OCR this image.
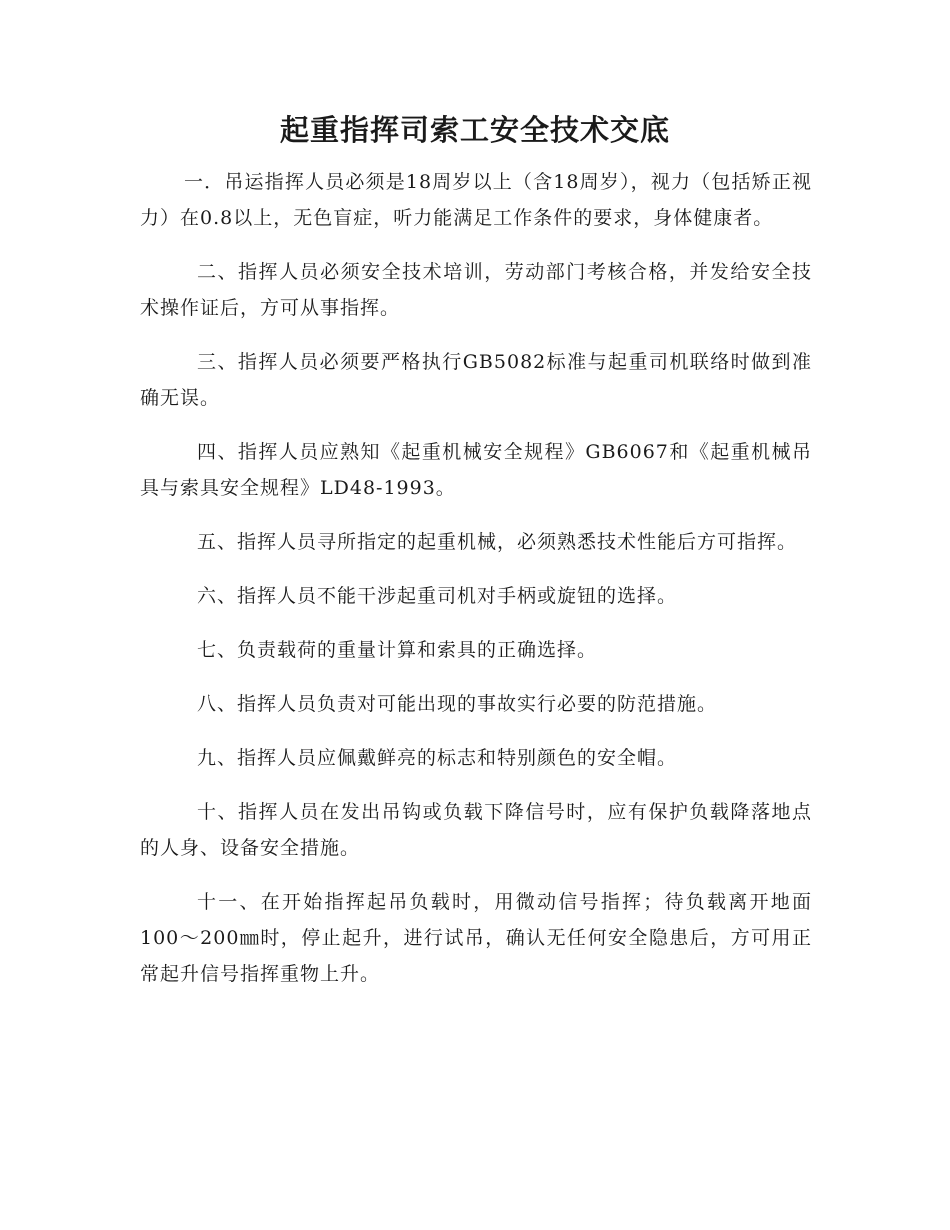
起重指挥司索工安全技术交底

一．吊运指挥人员必须是18周岁以上（含18周岁），视力（包括矫正视力）在0.8以上，无色盲症，听力能满足工作条件的要求，身体健康者。

二、指挥人员必须安全技术培训，劳动部门考核合格，并发给安全技术操作证后，方可从事指挥。

三、指挥人员必须要严格执行GB5082标准与起重司机联络时做到准确无误。

四、指挥人员应熟知《起重机械安全规程》GB6067和《起重机械吊具与索具安全规程》LD48-1993。

五、指挥人员寻所指定的起重机械，必须熟悉技术性能后方可指挥。

六、指挥人员不能干涉起重司机对手柄或旋钮的选择。

七、负责载荷的重量计算和索具的正确选择。

八、指挥人员负责对可能出现的事故实行必要的防范措施。

九、指挥人员应佩戴鲜亮的标志和特别颜色的安全帽。

十、指挥人员在发出吊钩或负载下降信号时，应有保护负载降落地点的人身、设备安全措施。

十一、在开始指挥起吊负载时，用微动信号指挥；待负载离开地面100～200㎜时，停止起升，进行试吊，确认无任何安全隐患后，方可用正常起升信号指挥重物上升。
